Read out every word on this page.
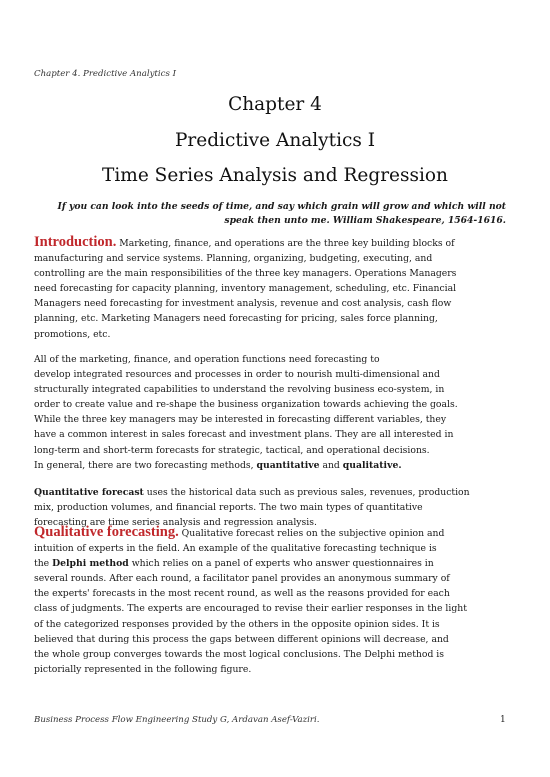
Chapter 4. Predictive Analytics I
Chapter 4
Predictive Analytics I
Time Series Analysis and Regression
If you can look into the seeds of time, and say which grain will grow and which will not
speak then unto me. William Shakespeare, 1564-1616.
Introduction. Marketing, finance, and operations are the three key building blocks of
manufacturing and service systems. Planning, organizing, budgeting, executing, and
controlling are the main responsibilities of the three key managers. Operations Managers
need forecasting for capacity planning, inventory management, scheduling, etc. Financial
Managers need forecasting for investment analysis, revenue and cost analysis, cash flow
planning, etc. Marketing Managers need forecasting for pricing, sales force planning,
promotions, etc.
All of the marketing, finance, and operation functions need forecasting to
develop integrated resources and processes in order to nourish multi-dimensional and
structurally integrated capabilities to understand the revolving business eco-system, in
order to create value and re-shape the business organization towards achieving the goals.
While the three key managers may be interested in forecasting different variables, they
have a common interest in sales forecast and investment plans. They are all interested in
long-term and short-term forecasts for strategic, tactical, and operational decisions.
In general, there are two forecasting methods, quantitative and qualitative.
Quantitative forecast uses the historical data such as previous sales, revenues, production
mix, production volumes, and financial reports. The two main types of quantitative
forecasting are time series analysis and regression analysis.
Qualitative forecasting. Qualitative forecast relies on the subjective opinion and
intuition of experts in the field. An example of the qualitative forecasting technique is
the Delphi method which relies on a panel of experts who answer questionnaires in
several rounds. After each round, a facilitator panel provides an anonymous summary of
the experts' forecasts in the most recent round, as well as the reasons provided for each
class of judgments. The experts are encouraged to revise their earlier responses in the light
of the categorized responses provided by the others in the opposite opinion sides. It is
believed that during this process the gaps between different opinions will decrease, and
the whole group converges towards the most logical conclusions. The Delphi method is
pictorially represented in the following figure.
Business Process Flow Engineering Study G, Ardavan Asef-Vaziri.	1
